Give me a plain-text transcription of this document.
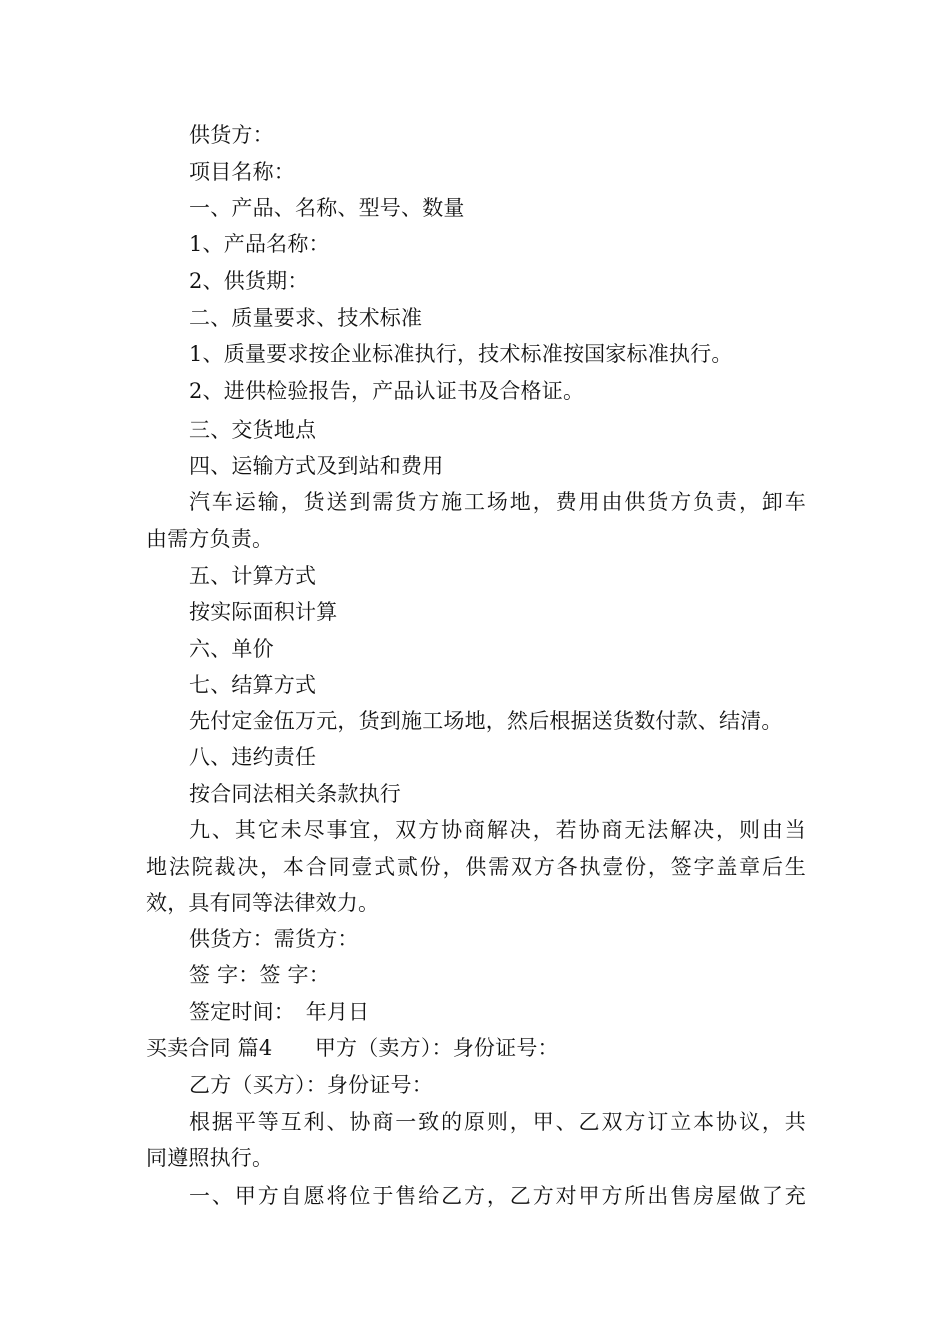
供货方：
项目名称：
一、产品、名称、型号、数量
1、产品名称：
2、供货期：
二、质量要求、技术标准
1、质量要求按企业标准执行，技术标准按国家标准执行。
2、进供检验报告，产品认证书及合格证。
三、交货地点
四、运输方式及到站和费用
汽车运输，货送到需货方施工场地，费用由供货方负责，卸车
由需方负责。
五、计算方式
按实际面积计算
六、单价
七、结算方式
先付定金伍万元，货到施工场地，然后根据送货数付款、结清。
八、违约责任
按合同法相关条款执行
九、其它未尽事宜，双方协商解决，若协商无法解决，则由当
地法院裁决，本合同壹式贰份，供需双方各执壹份，签字盖章后生
效，具有同等法律效力。
供货方：需货方：
签 字：签 字：
签定时间：　年月日
买卖合同 篇4　　甲方（卖方）：身份证号：
乙方（买方）：身份证号：
根据平等互利、协商一致的原则，甲、乙双方订立本协议，共
同遵照执行。
一、甲方自愿将位于售给乙方，乙方对甲方所出售房屋做了充
